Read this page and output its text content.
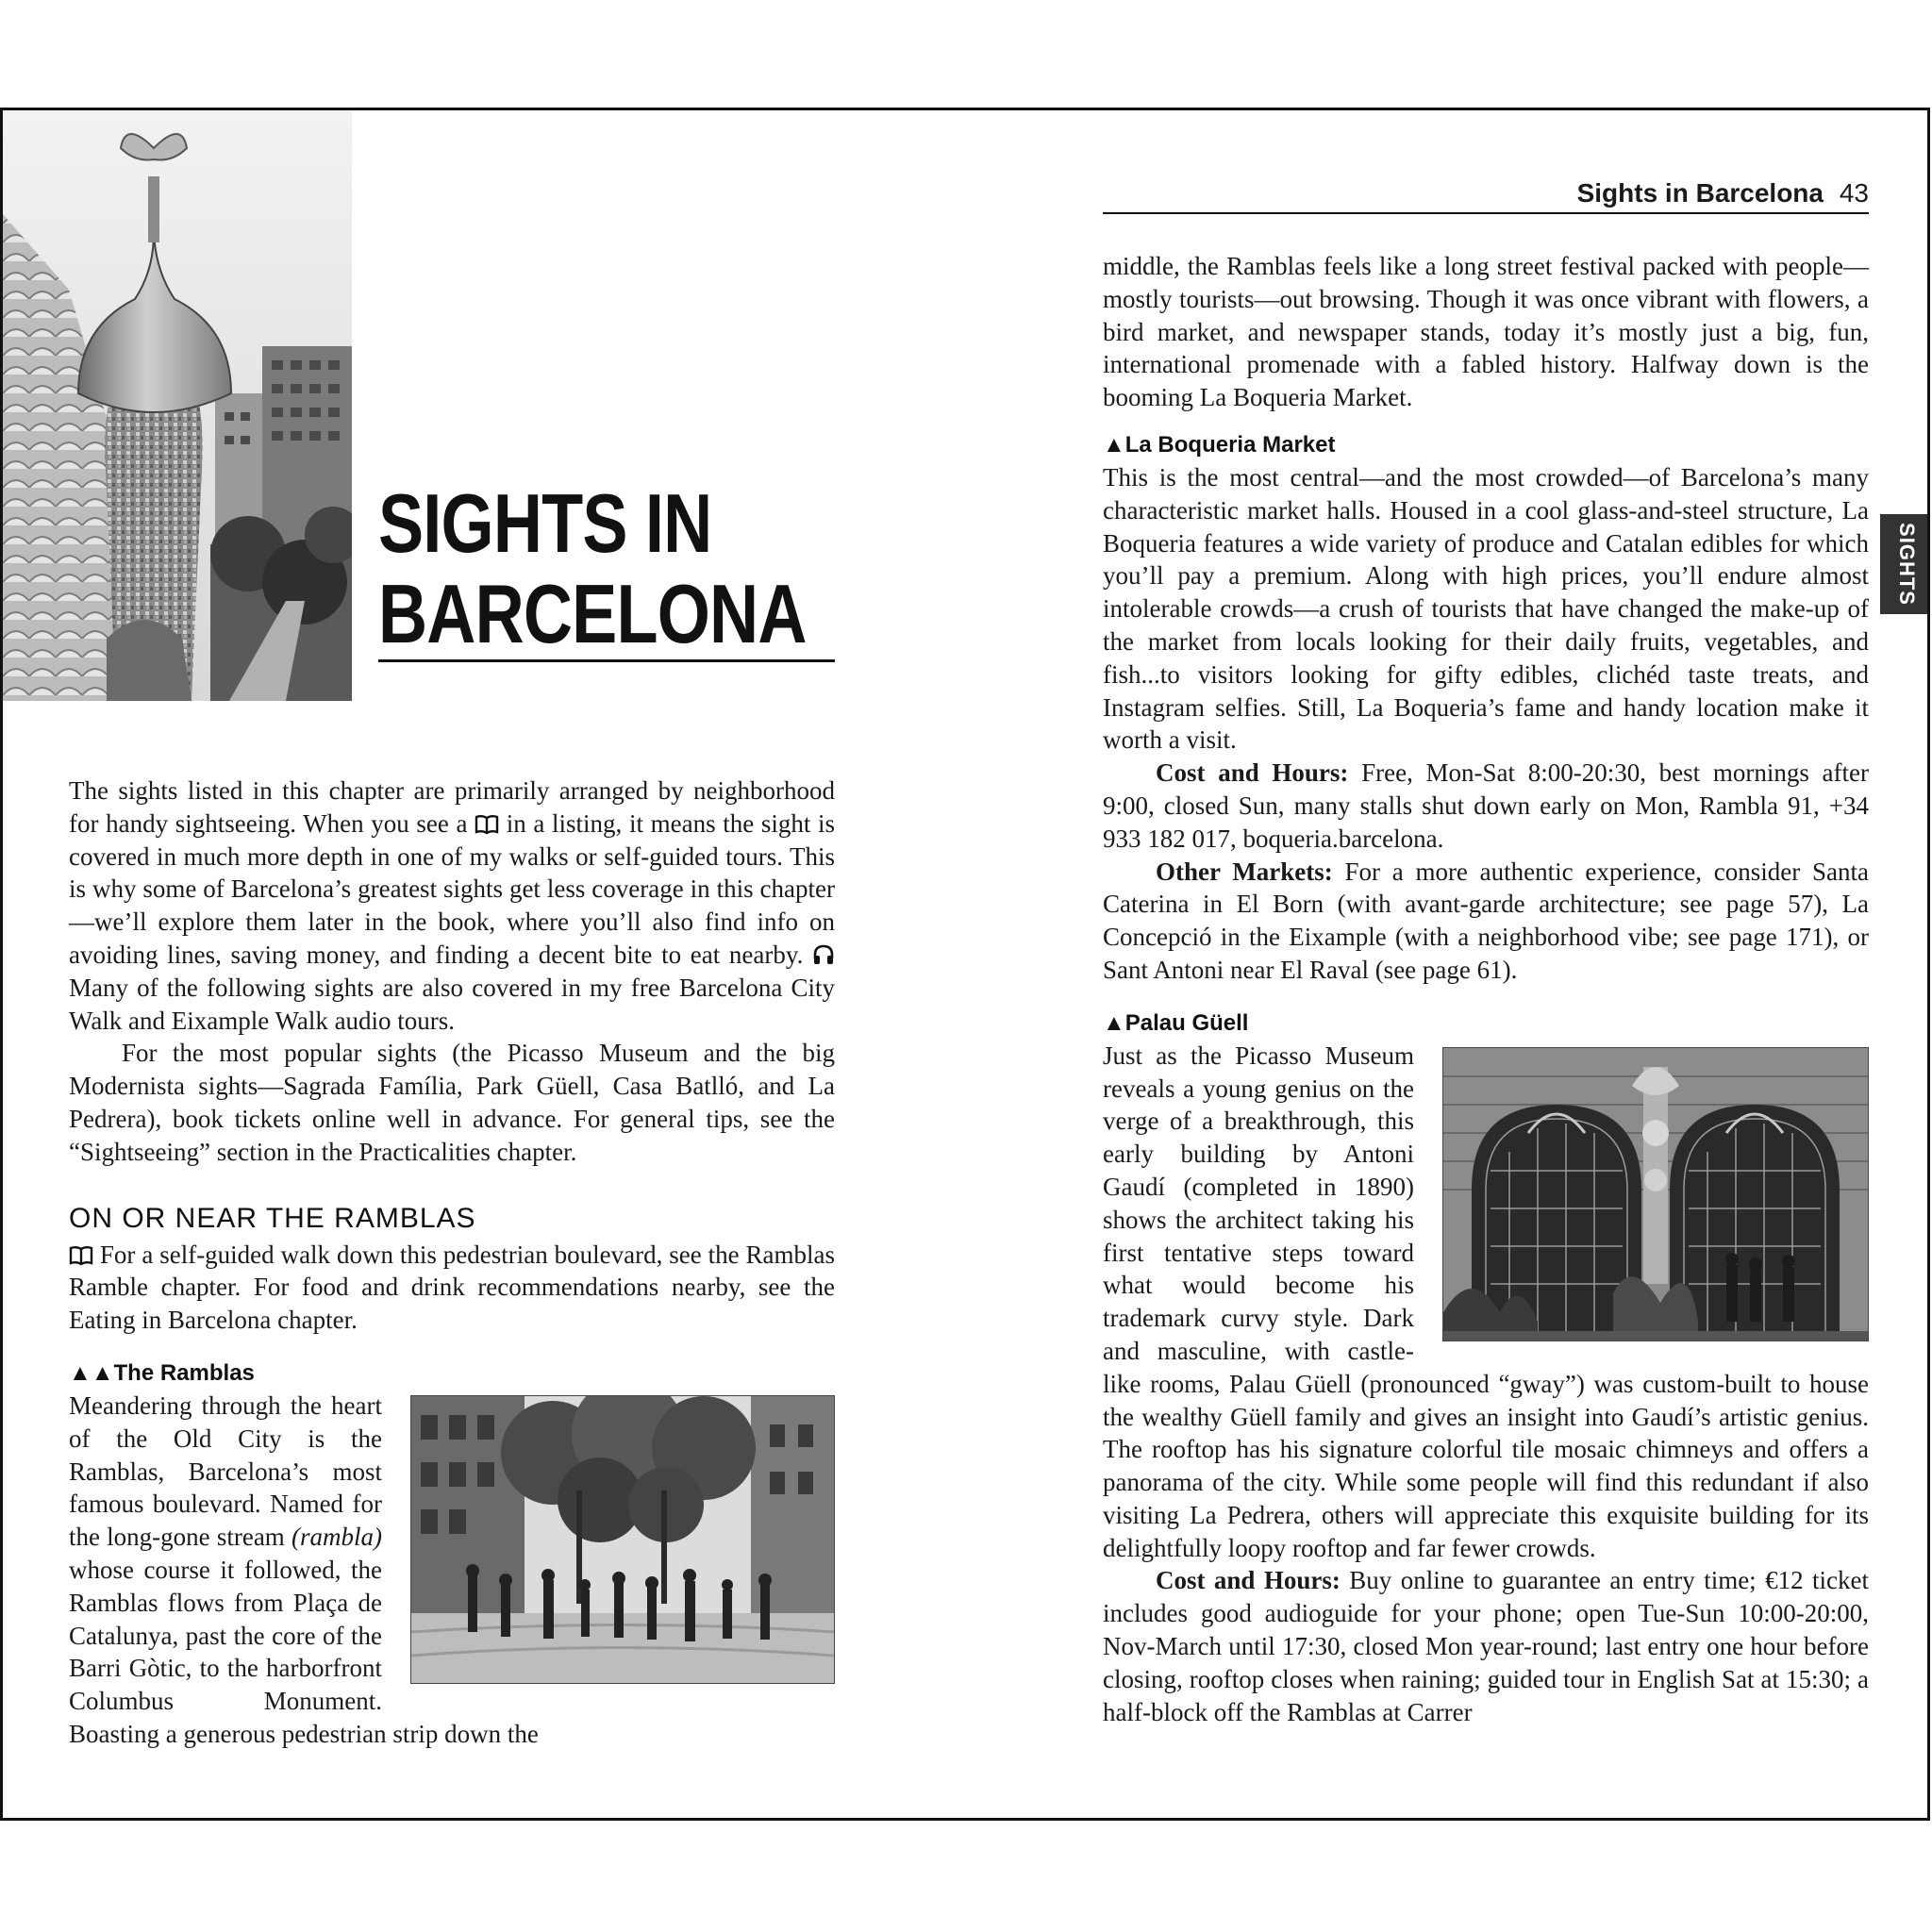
SIGHTS IN
BARCELONA

The sights listed in this chapter are primarily arranged by neighborhood for handy sightseeing. When you see a in a listing, it means the sight is covered in much more depth in one of my walks or self-guided tours. This is why some of Barcelona’s greatest sights get less coverage in this chapter—we’ll explore them later in the book, where you’ll also find info on avoiding lines, saving money, and finding a decent bite to eat nearby.
Many of the following sights are also covered in my free Barcelona City Walk and Eixample Walk audio tours.

For the most popular sights (the Picasso Museum and the big Modernista sights—Sagrada Família, Park Güell, Casa Batlló, and La Pedrera), book tickets online well in advance. For general tips, see the “Sightseeing” section in the Practicalities chapter.

ON OR NEAR THE RAMBLAS

For a self-guided walk down this pedestrian boulevard, see the Ramblas Ramble chapter. For food and drink recommendations nearby, see the Eating in Barcelona chapter.

▲▲The Ramblas

Meandering through the heart of the Old City is the Ramblas, Barcelona’s most famous boulevard. Named for the long-gone stream (rambla) whose course it followed, the Ramblas flows from Plaça de Catalunya, past the core of the Barri Gòtic, to the harborfront Columbus Monument. Boasting a generous pedestrian strip down the

Sights in Barcelona 43
SIGHTS

middle, the Ramblas feels like a long street festival packed with people—mostly tourists—out browsing. Though it was once vibrant with flowers, a bird market, and newspaper stands, today it’s mostly just a big, fun, international promenade with a fabled history. Halfway down is the booming La Boqueria Market.

▲La Boqueria Market

This is the most central—and the most crowded—of Barcelona’s many characteristic market halls. Housed in a cool glass-and-steel structure, La Boqueria features a wide variety of produce and Catalan edibles for which you’ll pay a premium. Along with high prices, you’ll endure almost intolerable crowds—a crush of tourists that have changed the make-up of the market from locals looking for their daily fruits, vegetables, and fish...to visitors looking for gifty edibles, clichéd taste treats, and Instagram selfies. Still, La Boqueria’s fame and handy location make it worth a visit.

Cost and Hours: Free, Mon-Sat 8:00-20:30, best mornings after 9:00, closed Sun, many stalls shut down early on Mon, Rambla 91, +34 933 182 017, boqueria.barcelona.

Other Markets: For a more authentic experience, consider Santa Caterina in El Born (with avant-garde architecture; see page 57), La Concepció in the Eixample (with a neighborhood vibe; see page 171), or Sant Antoni near El Raval (see page 61).

▲Palau Güell

Just as the Picasso Museum reveals a young genius on the verge of a breakthrough, this early building by Antoni Gaudí (completed in 1890) shows the architect taking his first tentative steps toward what would become his trademark curvy style. Dark and masculine, with castle-like rooms, Palau Güell (pronounced “gway”) was custom-built to house the wealthy Güell family and gives an insight into Gaudí’s artistic genius. The rooftop has his signature colorful tile mosaic chimneys and offers a panorama of the city. While some people will find this redundant if also visiting La Pedrera, others will appreciate this exquisite building for its delightfully loopy rooftop and far fewer crowds.

Cost and Hours: Buy online to guarantee an entry time; €12 ticket includes good audioguide for your phone; open Tue-Sun 10:00-20:00, Nov-March until 17:30, closed Mon year-round; last entry one hour before closing, rooftop closes when raining; guided tour in English Sat at 15:30; a half-block off the Ramblas at Carrer
